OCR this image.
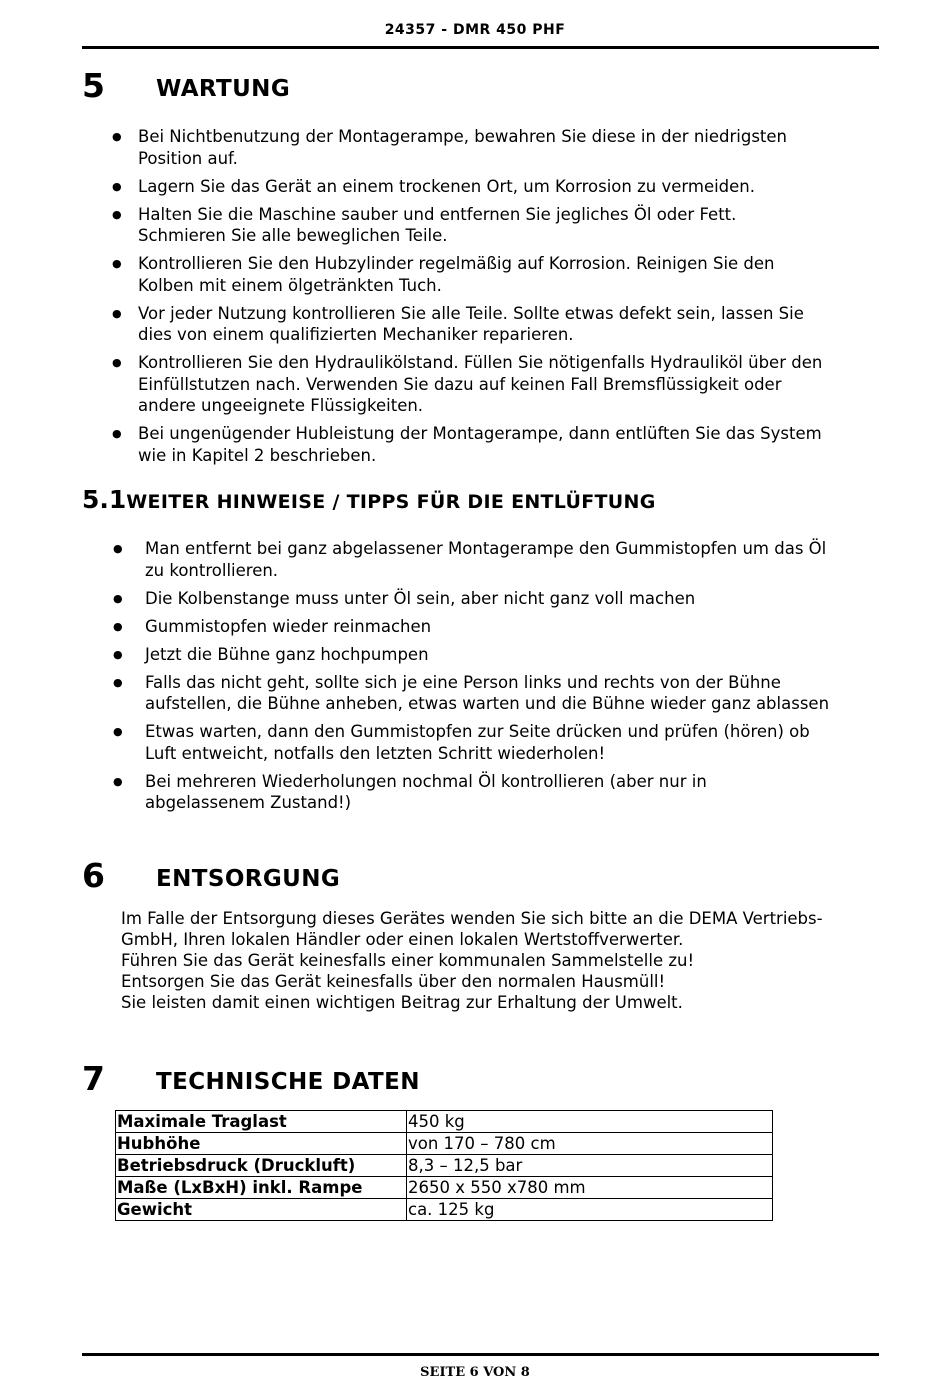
24357 - DMR 450 PHF
5 WARTUNG
● Bei Nichtbenutzung der Montagerampe, bewahren Sie diese in der niedrigsten
Position auf.
● Lagern Sie das Gerät an einem trockenen Ort, um Korrosion zu vermeiden.
● Halten Sie die Maschine sauber und entfernen Sie jegliches Öl oder Fett.
Schmieren Sie alle beweglichen Teile.
● Kontrollieren Sie den Hubzylinder regelmäßig auf Korrosion. Reinigen Sie den
Kolben mit einem ölgetränkten Tuch.
● Vor jeder Nutzung kontrollieren Sie alle Teile. Sollte etwas defekt sein, lassen Sie
dies von einem qualifizierten Mechaniker reparieren.
● Kontrollieren Sie den Hydraulikölstand. Füllen Sie nötigenfalls Hydrauliköl über den
Einfüllstutzen nach. Verwenden Sie dazu auf keinen Fall Bremsflüssigkeit oder
andere ungeeignete Flüssigkeiten.
● Bei ungenügender Hubleistung der Montagerampe, dann entlüften Sie das System
wie in Kapitel 2 beschrieben.
5.1WEITER HINWEISE / TIPPS FÜR DIE ENTLÜFTUNG
● Man entfernt bei ganz abgelassener Montagerampe den Gummistopfen um das Öl
zu kontrollieren.
● Die Kolbenstange muss unter Öl sein, aber nicht ganz voll machen
● Gummistopfen wieder reinmachen
● Jetzt die Bühne ganz hochpumpen
● Falls das nicht geht, sollte sich je eine Person links und rechts von der Bühne
aufstellen, die Bühne anheben, etwas warten und die Bühne wieder ganz ablassen
● Etwas warten, dann den Gummistopfen zur Seite drücken und prüfen (hören) ob
Luft entweicht, notfalls den letzten Schritt wiederholen!
● Bei mehreren Wiederholungen nochmal Öl kontrollieren (aber nur in
abgelassenem Zustand!)
6 ENTSORGUNG
Im Falle der Entsorgung dieses Gerätes wenden Sie sich bitte an die DEMA Vertriebs-
GmbH, Ihren lokalen Händler oder einen lokalen Wertstoffverwerter.
Führen Sie das Gerät keinesfalls einer kommunalen Sammelstelle zu!
Entsorgen Sie das Gerät keinesfalls über den normalen Hausmüll!
Sie leisten damit einen wichtigen Beitrag zur Erhaltung der Umwelt.
7 TECHNISCHE DATEN
Maximale Traglast	450 kg
Hubhöhe	von 170 – 780 cm
Betriebsdruck (Druckluft)	8,3 – 12,5 bar
Maße (LxBxH) inkl. Rampe	2650 x 550 x780 mm
Gewicht	ca. 125 kg
SEITE 6 VON 8
